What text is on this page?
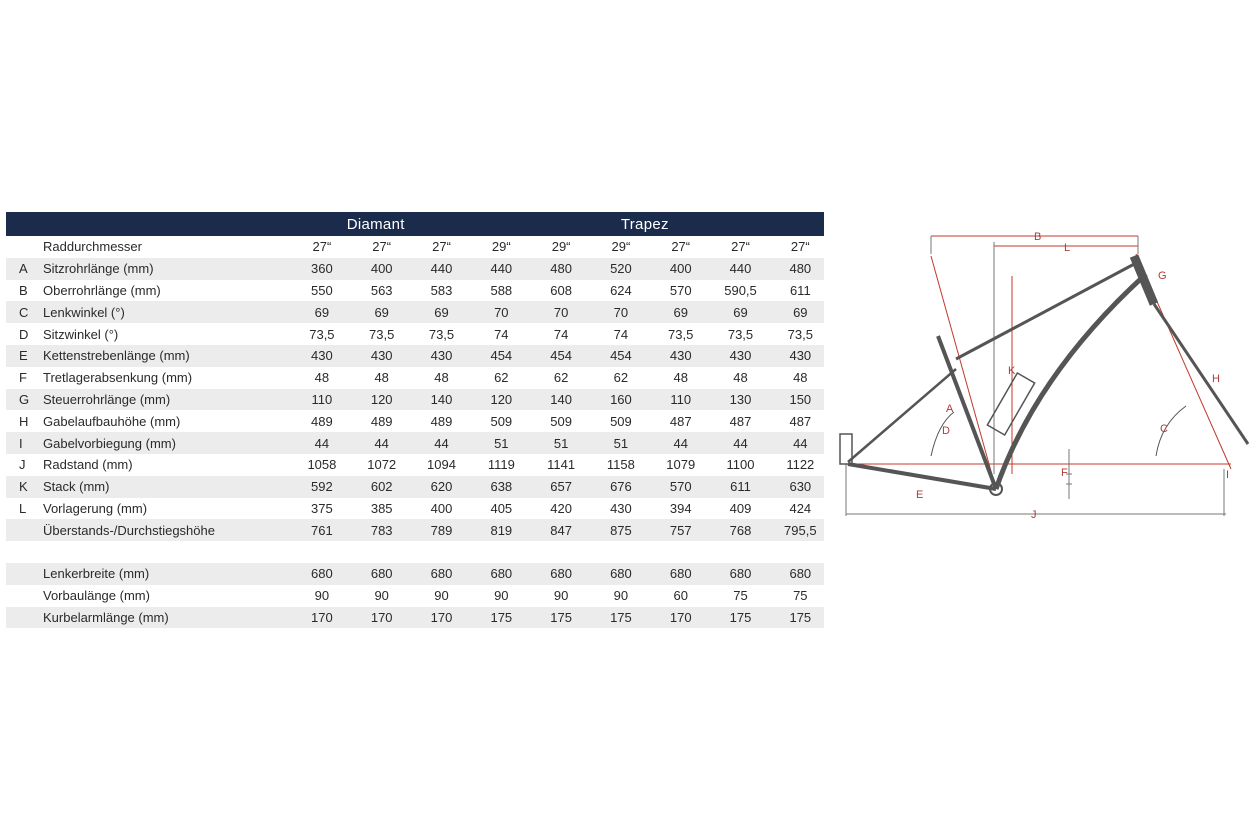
		Diamant			Trapez					
	Raddurchmesser	27“	27“	27“	29“	29“	29“	27“	27“	27“
A	Sitzrohrlänge (mm)	360	400	440	440	480	520	400	440	480
B	Oberrohrlänge (mm)	550	563	583	588	608	624	570	590,5	611
C	Lenkwinkel (°)	69	69	69	70	70	70	69	69	69
D	Sitzwinkel (°)	73,5	73,5	73,5	74	74	74	73,5	73,5	73,5
E	Kettenstrebenlänge (mm)	430	430	430	454	454	454	430	430	430
F	Tretlagerabsenkung (mm)	48	48	48	62	62	62	48	48	48
G	Steuerrohrlänge (mm)	110	120	140	120	140	160	110	130	150
H	Gabelaufbauhöhe (mm)	489	489	489	509	509	509	487	487	487
I	Gabelvorbiegung (mm)	44	44	44	51	51	51	44	44	44
J	Radstand (mm)	1058	1072	1094	1119	1141	1158	1079	1100	1122
K	Stack (mm)	592	602	620	638	657	676	570	611	630
L	Vorlagerung (mm)	375	385	400	405	420	430	394	409	424
	Überstands-/Durchstiegshöhe	761	783	789	819	847	875	757	768	795,5

	Lenkerbreite (mm)	680	680	680	680	680	680	680	680	680
	Vorbaulänge (mm)	90	90	90	90	90	90	60	75	75
	Kurbelarmlänge (mm)	170	170	170	175	175	175	170	175	175
B
L
G
K
H
A
D	C
F	I
E
J
